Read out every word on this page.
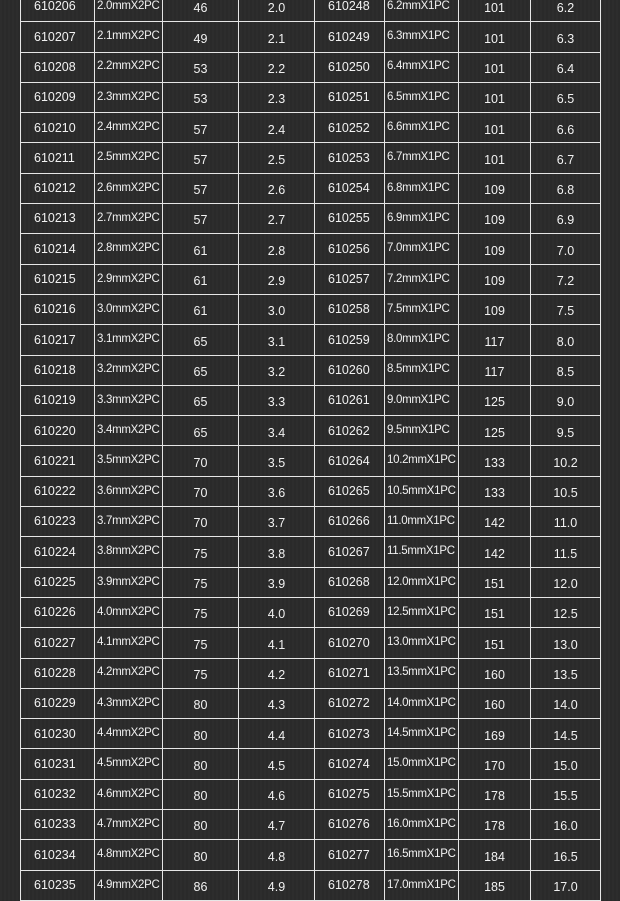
610206	2.0mmX2PC	46	2.0	610248	6.2mmX1PC	101	6.2
610207	2.1mmX2PC	49	2.1	610249	6.3mmX1PC	101	6.3
610208	2.2mmX2PC	53	2.2	610250	6.4mmX1PC	101	6.4
610209	2.3mmX2PC	53	2.3	610251	6.5mmX1PC	101	6.5
610210	2.4mmX2PC	57	2.4	610252	6.6mmX1PC	101	6.6
610211	2.5mmX2PC	57	2.5	610253	6.7mmX1PC	101	6.7
610212	2.6mmX2PC	57	2.6	610254	6.8mmX1PC	109	6.8
610213	2.7mmX2PC	57	2.7	610255	6.9mmX1PC	109	6.9
610214	2.8mmX2PC	61	2.8	610256	7.0mmX1PC	109	7.0
610215	2.9mmX2PC	61	2.9	610257	7.2mmX1PC	109	7.2
610216	3.0mmX2PC	61	3.0	610258	7.5mmX1PC	109	7.5
610217	3.1mmX2PC	65	3.1	610259	8.0mmX1PC	117	8.0
610218	3.2mmX2PC	65	3.2	610260	8.5mmX1PC	117	8.5
610219	3.3mmX2PC	65	3.3	610261	9.0mmX1PC	125	9.0
610220	3.4mmX2PC	65	3.4	610262	9.5mmX1PC	125	9.5
610221	3.5mmX2PC	70	3.5	610264	10.2mmX1PC	133	10.2
610222	3.6mmX2PC	70	3.6	610265	10.5mmX1PC	133	10.5
610223	3.7mmX2PC	70	3.7	610266	11.0mmX1PC	142	11.0
610224	3.8mmX2PC	75	3.8	610267	11.5mmX1PC	142	11.5
610225	3.9mmX2PC	75	3.9	610268	12.0mmX1PC	151	12.0
610226	4.0mmX2PC	75	4.0	610269	12.5mmX1PC	151	12.5
610227	4.1mmX2PC	75	4.1	610270	13.0mmX1PC	151	13.0
610228	4.2mmX2PC	75	4.2	610271	13.5mmX1PC	160	13.5
610229	4.3mmX2PC	80	4.3	610272	14.0mmX1PC	160	14.0
610230	4.4mmX2PC	80	4.4	610273	14.5mmX1PC	169	14.5
610231	4.5mmX2PC	80	4.5	610274	15.0mmX1PC	170	15.0
610232	4.6mmX2PC	80	4.6	610275	15.5mmX1PC	178	15.5
610233	4.7mmX2PC	80	4.7	610276	16.0mmX1PC	178	16.0
610234	4.8mmX2PC	80	4.8	610277	16.5mmX1PC	184	16.5
610235	4.9mmX2PC	86	4.9	610278	17.0mmX1PC	185	17.0
